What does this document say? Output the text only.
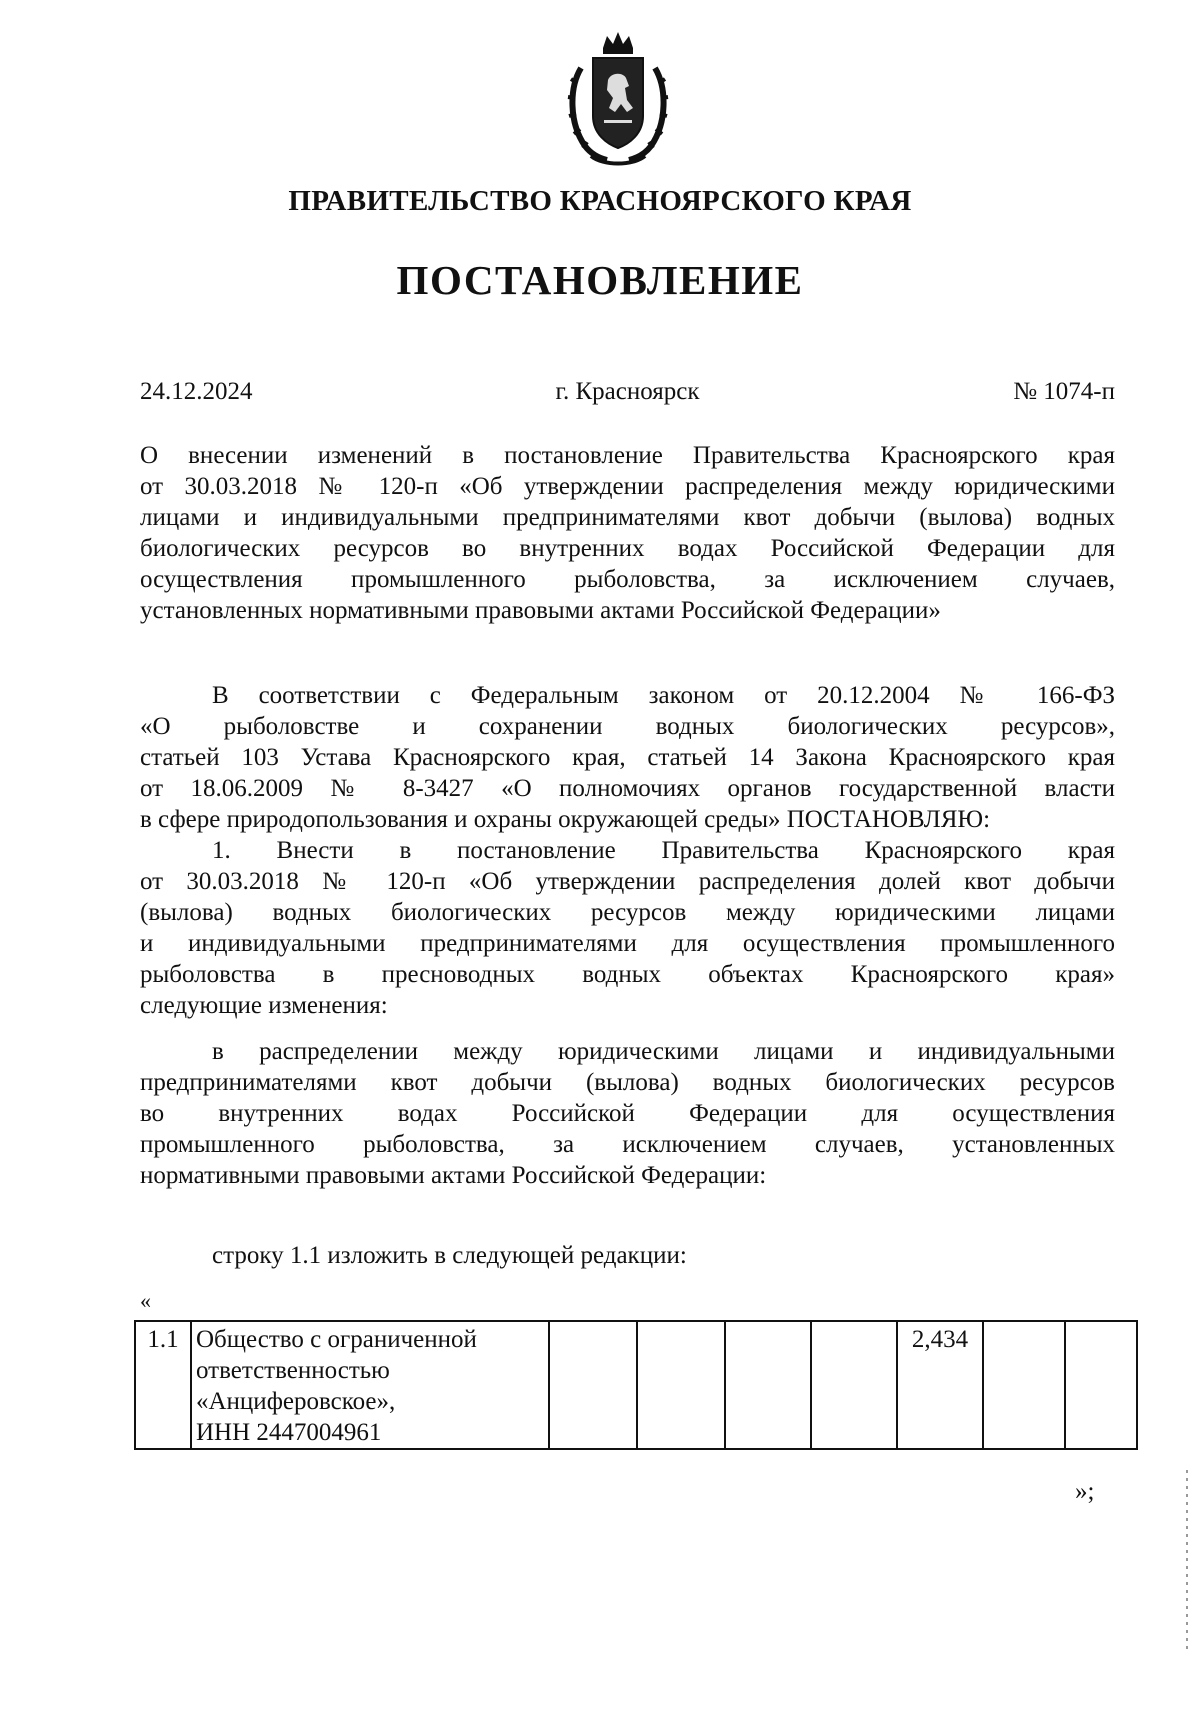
ПРАВИТЕЛЬСТВО КРАСНОЯРСКОГО КРАЯ
ПОСТАНОВЛЕНИЕ
24.12.2024	г. Красноярск	№ 1074-п
О внесении изменений в постановление Правительства Красноярского края
от 30.03.2018 № 120-п «Об утверждении распределения между юридическими
лицами и индивидуальными предпринимателями квот добычи (вылова) водных
биологических ресурсов во внутренних водах Российской Федерации для
осуществления промышленного рыболовства, за исключением случаев,
установленных нормативными правовыми актами Российской Федерации»
В соответствии с Федеральным законом от 20.12.2004 № 166-ФЗ
«О рыболовстве и сохранении водных биологических ресурсов»,
статьей 103 Устава Красноярского края, статьей 14 Закона Красноярского края
от 18.06.2009 № 8-3427 «О полномочиях органов государственной власти
в сфере природопользования и охраны окружающей среды» ПОСТАНОВЛЯЮ:
1. Внести в постановление Правительства Красноярского края
от 30.03.2018 № 120-п «Об утверждении распределения долей квот добычи
(вылова) водных биологических ресурсов между юридическими лицами
и индивидуальными предпринимателями для осуществления промышленного
рыболовства в пресноводных водных объектах Красноярского края»
следующие изменения:
в распределении между юридическими лицами и индивидуальными
предпринимателями квот добычи (вылова) водных биологических ресурсов
во внутренних водах Российской Федерации для осуществления
промышленного рыболовства, за исключением случаев, установленных
нормативными правовыми актами Российской Федерации:
строку 1.1 изложить в следующей редакции:
«
1.1	Общество с ограниченной
ответственностью
«Анциферовское»,
ИНН 2447004961
					2,434		
»;
